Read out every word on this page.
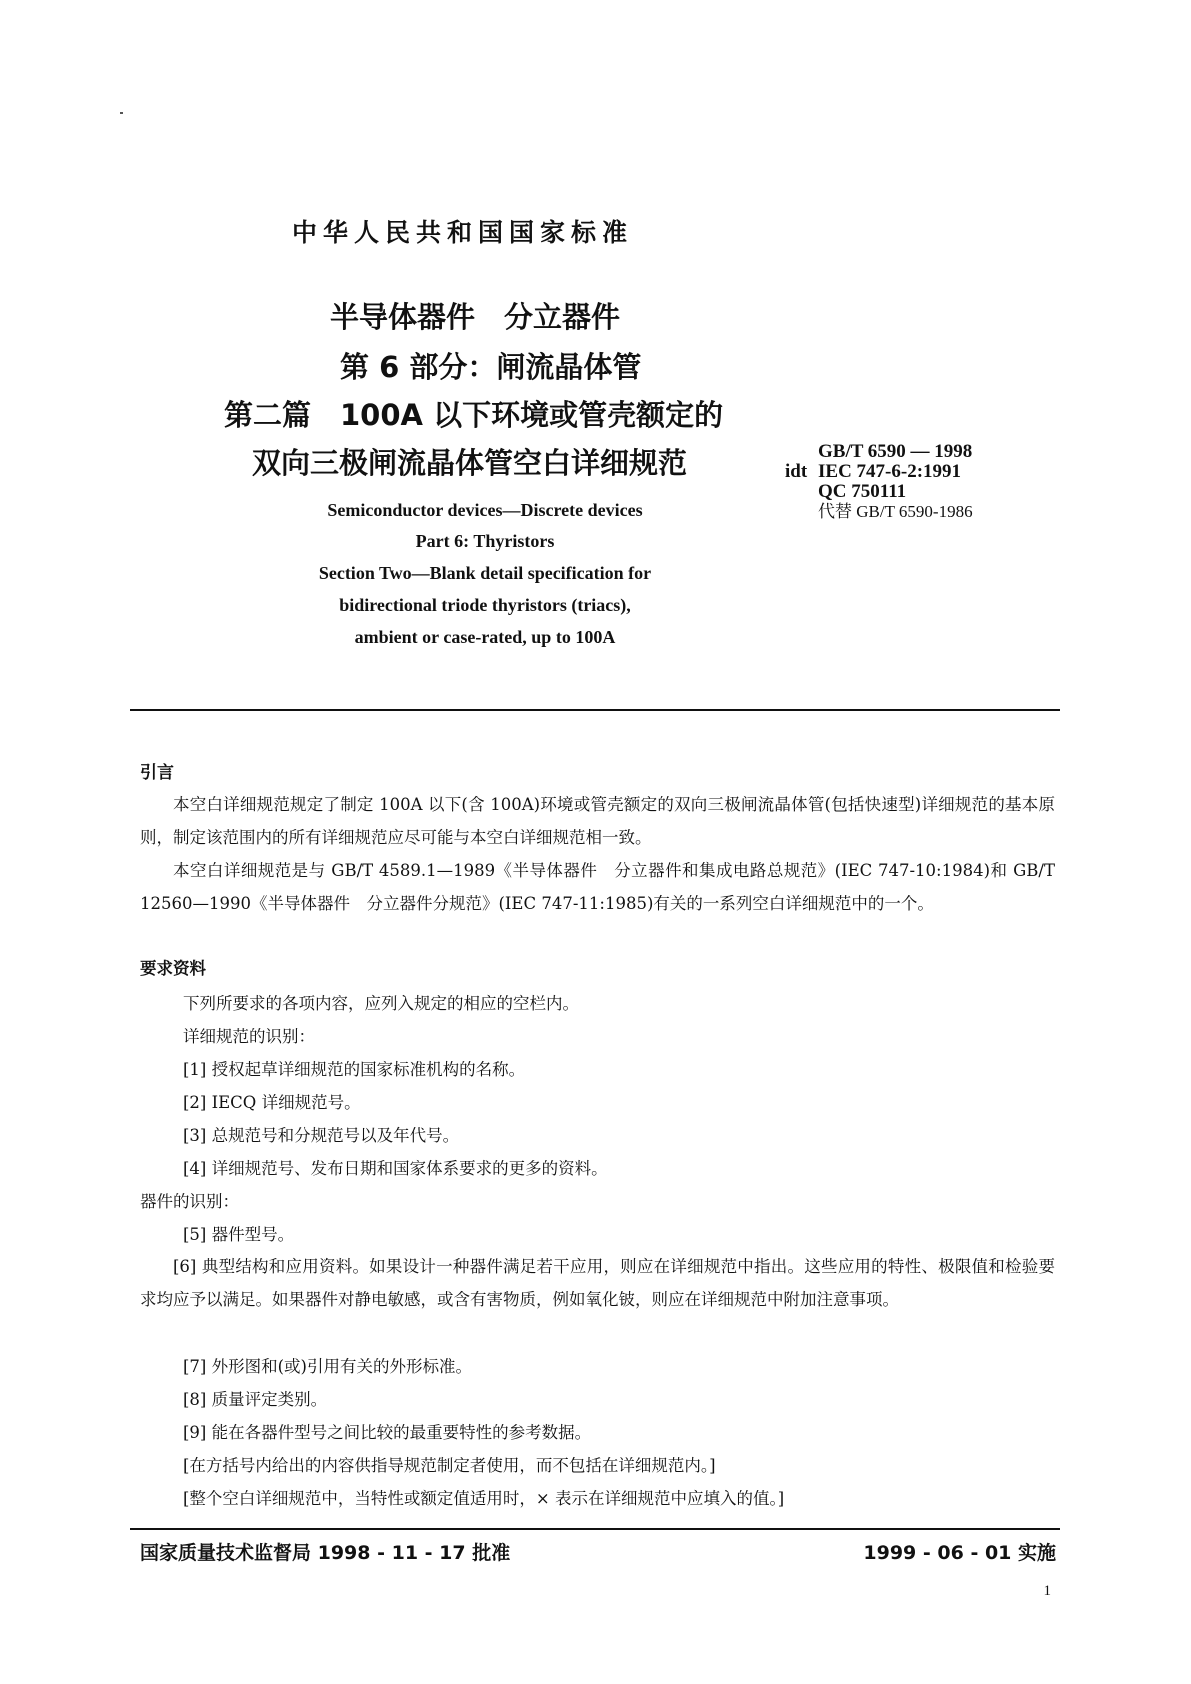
中华人民共和国国家标准
半导体器件　分立器件
第 6 部分：闸流晶体管
第二篇　100A 以下环境或管壳额定的
双向三极闸流晶体管空白详细规范	GB/T 6590 — 1998
idt IEC 747-6-2:1991
QC 750111
代替 GB/T 6590-1986
Semiconductor devices—Discrete devices
Part 6: Thyristors
Section Two—Blank detail specification for
bidirectional triode thyristors (triacs),
ambient or case-rated, up to 100A
引言
本空白详细规范规定了制定 100A 以下(含 100A)环境或管壳额定的双向三极闸流晶体管(包括快速型)详细规范的基本原则，制定该范围内的所有详细规范应尽可能与本空白详细规范相一致。
本空白详细规范是与 GB/T 4589.1—1989《半导体器件　分立器件和集成电路总规范》(IEC 747-10:1984)和 GB/T 12560—1990《半导体器件　分立器件分规范》(IEC 747-11:1985)有关的一系列空白详细规范中的一个。
要求资料
下列所要求的各项内容，应列入规定的相应的空栏内。
详细规范的识别：
[1] 授权起草详细规范的国家标准机构的名称。
[2] IECQ 详细规范号。
[3] 总规范号和分规范号以及年代号。
[4] 详细规范号、发布日期和国家体系要求的更多的资料。
器件的识别：
[5] 器件型号。
[6] 典型结构和应用资料。如果设计一种器件满足若干应用，则应在详细规范中指出。这些应用的特性、极限值和检验要求均应予以满足。如果器件对静电敏感，或含有害物质，例如氧化铍，则应在详细规范中附加注意事项。
[7] 外形图和(或)引用有关的外形标准。
[8] 质量评定类别。
[9] 能在各器件型号之间比较的最重要特性的参考数据。
[在方括号内给出的内容供指导规范制定者使用，而不包括在详细规范内。]
[整个空白详细规范中，当特性或额定值适用时，× 表示在详细规范中应填入的值。]
国家质量技术监督局 1998 - 11 - 17 批准	1999 - 06 - 01 实施
1
